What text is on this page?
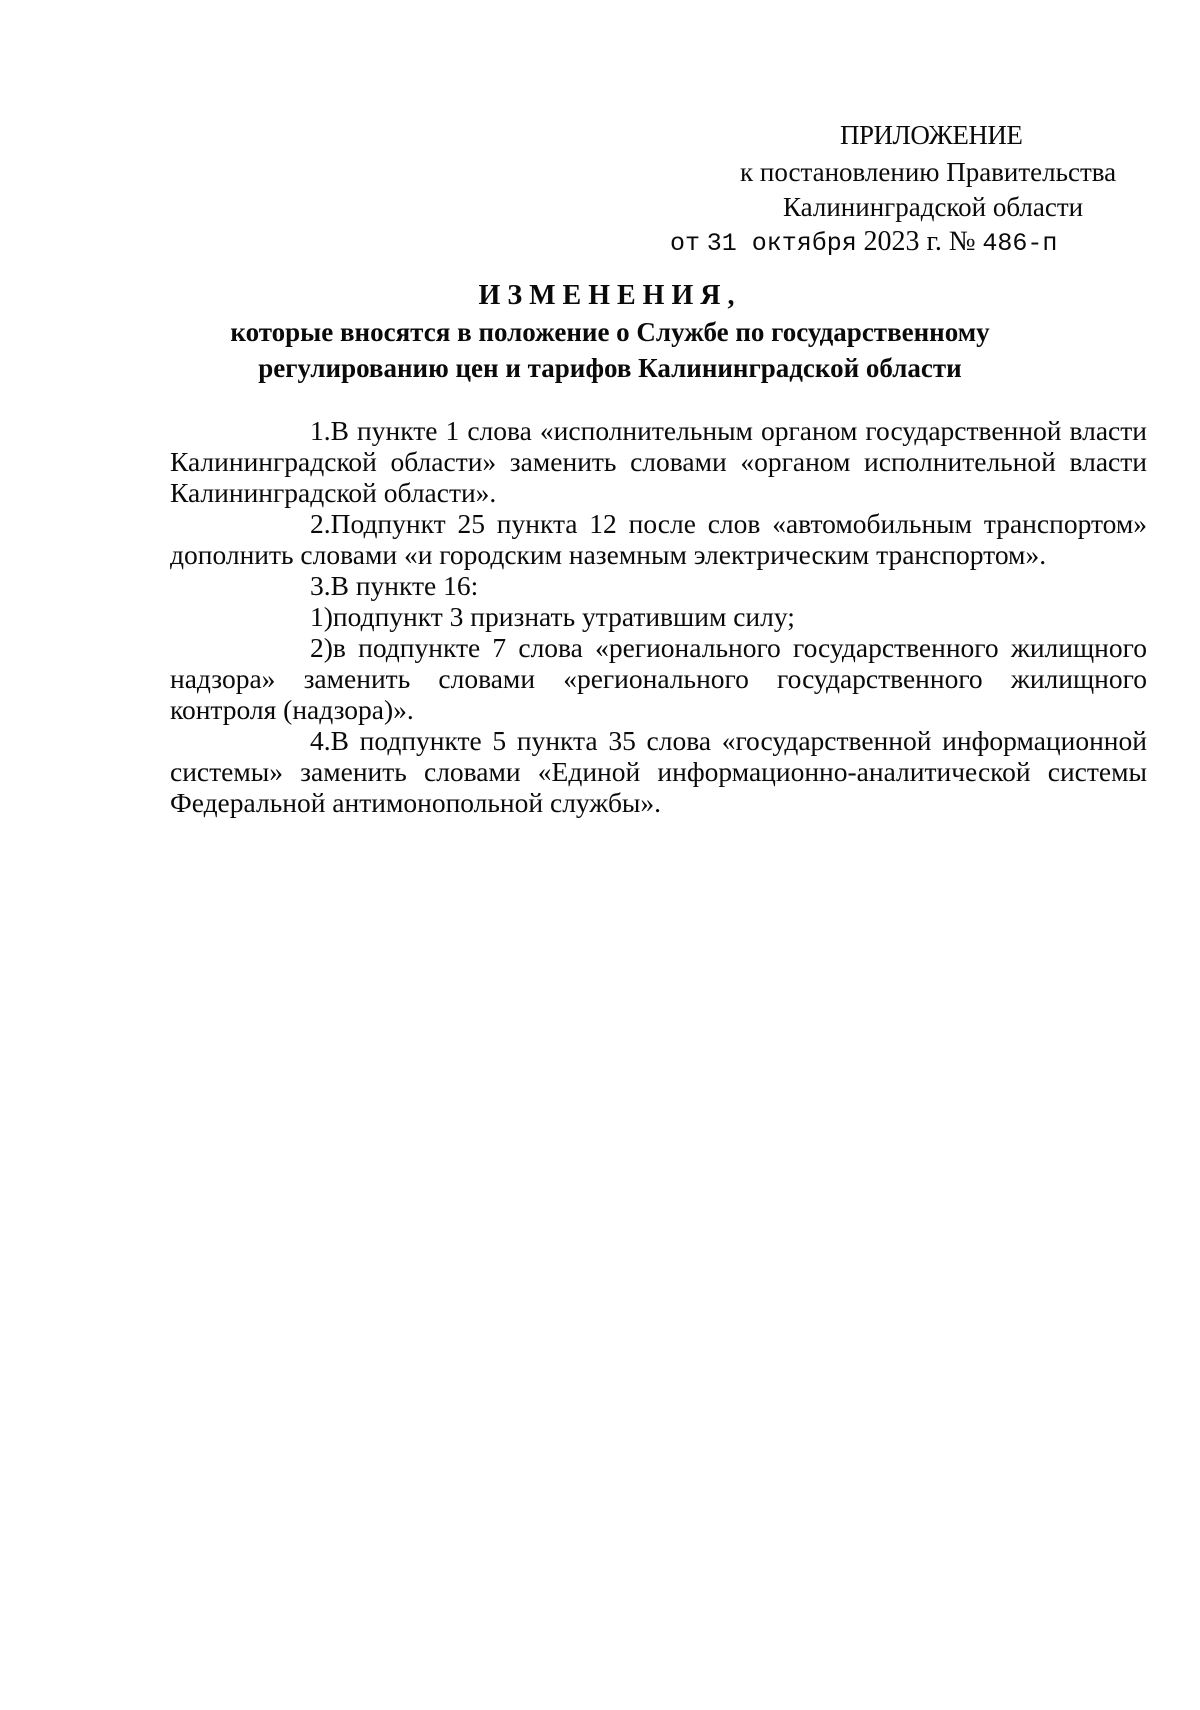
ПРИЛОЖЕНИЕ
к постановлению Правительства
Калининградской области
от 31 октября 2023 г. № 486-п
ИЗМЕНЕНИЯ,
которые вносятся в положение о Службе по государственному
регулированию цен и тарифов Калининградской области

1.В пункте 1 слова «исполнительным органом государственной власти Калининградской области» заменить словами «органом исполнительной власти Калининградской области».

2.Подпункт 25 пункта 12 после слов «автомобильным транспортом» дополнить словами «и городским наземным электрическим транспортом».

3.В пункте 16:

1)подпункт 3 признать утратившим силу;

2)в подпункте 7 слова «регионального государственного жилищного надзора» заменить словами «регионального государственного жилищного контроля (надзора)».

4.В подпункте 5 пункта 35 слова «государственной информационной системы» заменить словами «Единой информационно-аналитической системы Федеральной антимонопольной службы».
